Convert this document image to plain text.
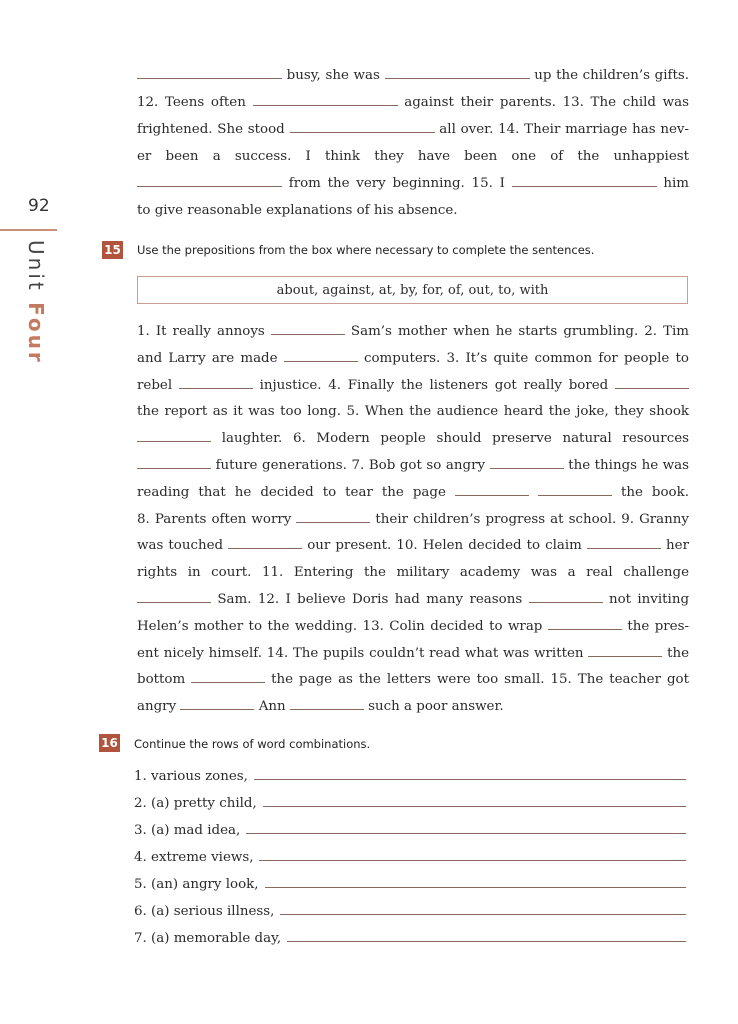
92
Unit Four
busy, she was	up the children’s gifts.
12. Teens often	against their parents. 13. The child was
frightened. She stood	all over. 14. Their marriage has nev-
er been a success. I think they have been one of the unhappiest
from the very beginning. 15. I	him
to give reasonable explanations of his absence.
15 Use the prepositions from the box where necessary to complete the sentences.
about, against, at, by, for, of, out, to, with
1. It really annoys	Sam’s mother when he starts grumbling. 2. Tim
and Larry are made	computers. 3. It’s quite common for people to
rebel	injustice. 4. Finally the listeners got really bored
the report as it was too long. 5. When the audience heard the joke, they shook
laughter. 6. Modern people should preserve natural resources
future generations. 7. Bob got so angry	the things he was
reading that he decided to tear the page	the book.
8. Parents often worry	their children’s progress at school. 9. Granny
was touched	our present. 10. Helen decided to claim	her
rights in court. 11. Entering the military academy was a real challenge
Sam. 12. I believe Doris had many reasons	not inviting
Helen’s mother to the wedding. 13. Colin decided to wrap	the pres-
ent nicely himself. 14. The pupils couldn’t read what was written	the
bottom	the page as the letters were too small. 15. The teacher got
angry	Ann	such a poor answer.
16 Continue the rows of word combinations.
1. various zones,
2. (a) pretty child,
3. (a) mad idea,
4. extreme views,
5. (an) angry look,
6. (a) serious illness,
7. (a) memorable day,
